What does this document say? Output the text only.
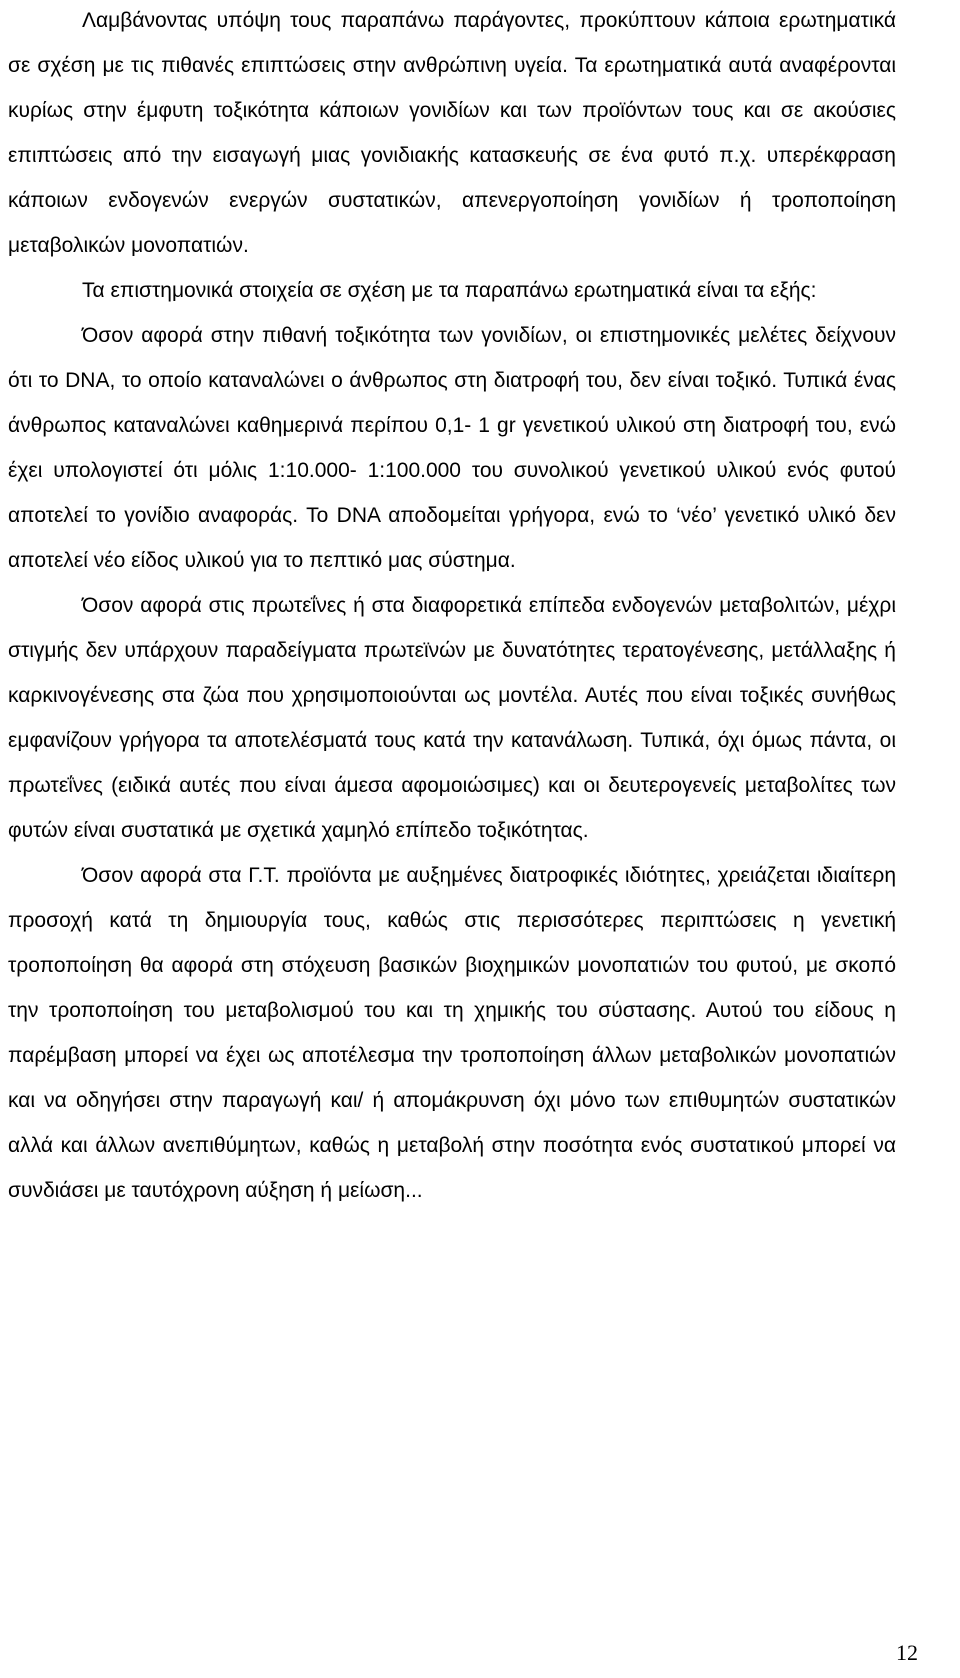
Λαμβάνοντας υπόψη τους παραπάνω παράγοντες, προκύπτουν κάποια ερωτηματικά σε σχέση με τις πιθανές επιπτώσεις στην ανθρώπινη υγεία. Τα ερωτηματικά αυτά αναφέρονται κυρίως στην έμφυτη τοξικότητα κάποιων γονιδίων και των προϊόντων τους και σε ακούσιες επιπτώσεις από την εισαγωγή μιας γονιδιακής κατασκευής σε ένα φυτό π.χ. υπερέκφραση κάποιων ενδογενών ενεργών συστατικών, απενεργοποίηση γονιδίων ή τροποποίηση μεταβολικών μονοπατιών.

Τα επιστημονικά στοιχεία σε σχέση με τα παραπάνω ερωτηματικά είναι τα εξής:

Όσον αφορά στην πιθανή τοξικότητα των γονιδίων, οι επιστημονικές μελέτες δείχνουν ότι το DNA, το οποίο καταναλώνει ο άνθρωπος στη διατροφή του, δεν είναι τοξικό. Τυπικά ένας άνθρωπος καταναλώνει καθημερινά περίπου 0,1- 1 gr γενετικού υλικού στη διατροφή του, ενώ έχει υπολογιστεί ότι μόλις 1:10.000- 1:100.000 του συνολικού γενετικού υλικού ενός φυτού αποτελεί το γονίδιο αναφοράς. Το DNA αποδομείται γρήγορα, ενώ το ‘νέο’ γενετικό υλικό δεν αποτελεί νέο είδος υλικού για το πεπτικό μας σύστημα.

Όσον αφορά στις πρωτεΐνες ή στα διαφορετικά επίπεδα ενδογενών μεταβολιτών, μέχρι στιγμής δεν υπάρχουν παραδείγματα πρωτεϊνών με δυνατότητες τερατογένεσης, μετάλλαξης ή καρκινογένεσης στα ζώα που χρησιμοποιούνται ως μοντέλα. Αυτές που είναι τοξικές συνήθως εμφανίζουν γρήγορα τα αποτελέσματά τους κατά την κατανάλωση. Τυπικά, όχι όμως πάντα, οι πρωτεΐνες (ειδικά αυτές που είναι άμεσα αφομοιώσιμες) και οι δευτερογενείς μεταβολίτες των φυτών είναι συστατικά με σχετικά χαμηλό επίπεδο τοξικότητας.

Όσον αφορά στα Γ.Τ. προϊόντα με αυξημένες διατροφικές ιδιότητες, χρειάζεται ιδιαίτερη προσοχή κατά τη δημιουργία τους, καθώς στις περισσότερες περιπτώσεις η γενετική τροποποίηση θα αφορά στη στόχευση βασικών βιοχημικών μονοπατιών του φυτού, με σκοπό την τροποποίηση του μεταβολισμού του και τη χημικής του σύστασης. Αυτού του είδους η παρέμβαση μπορεί να έχει ως αποτέλεσμα την τροποποίηση άλλων μεταβολικών μονοπατιών και να οδηγήσει στην παραγωγή και/ ή απομάκρυνση όχι μόνο των επιθυμητών συστατικών αλλά και άλλων ανεπιθύμητων, καθώς η μεταβολή στην ποσότητα ενός συστατικού μπορεί να συνδιάσει με ταυτόχρονη αύξηση ή μείωση...

12
